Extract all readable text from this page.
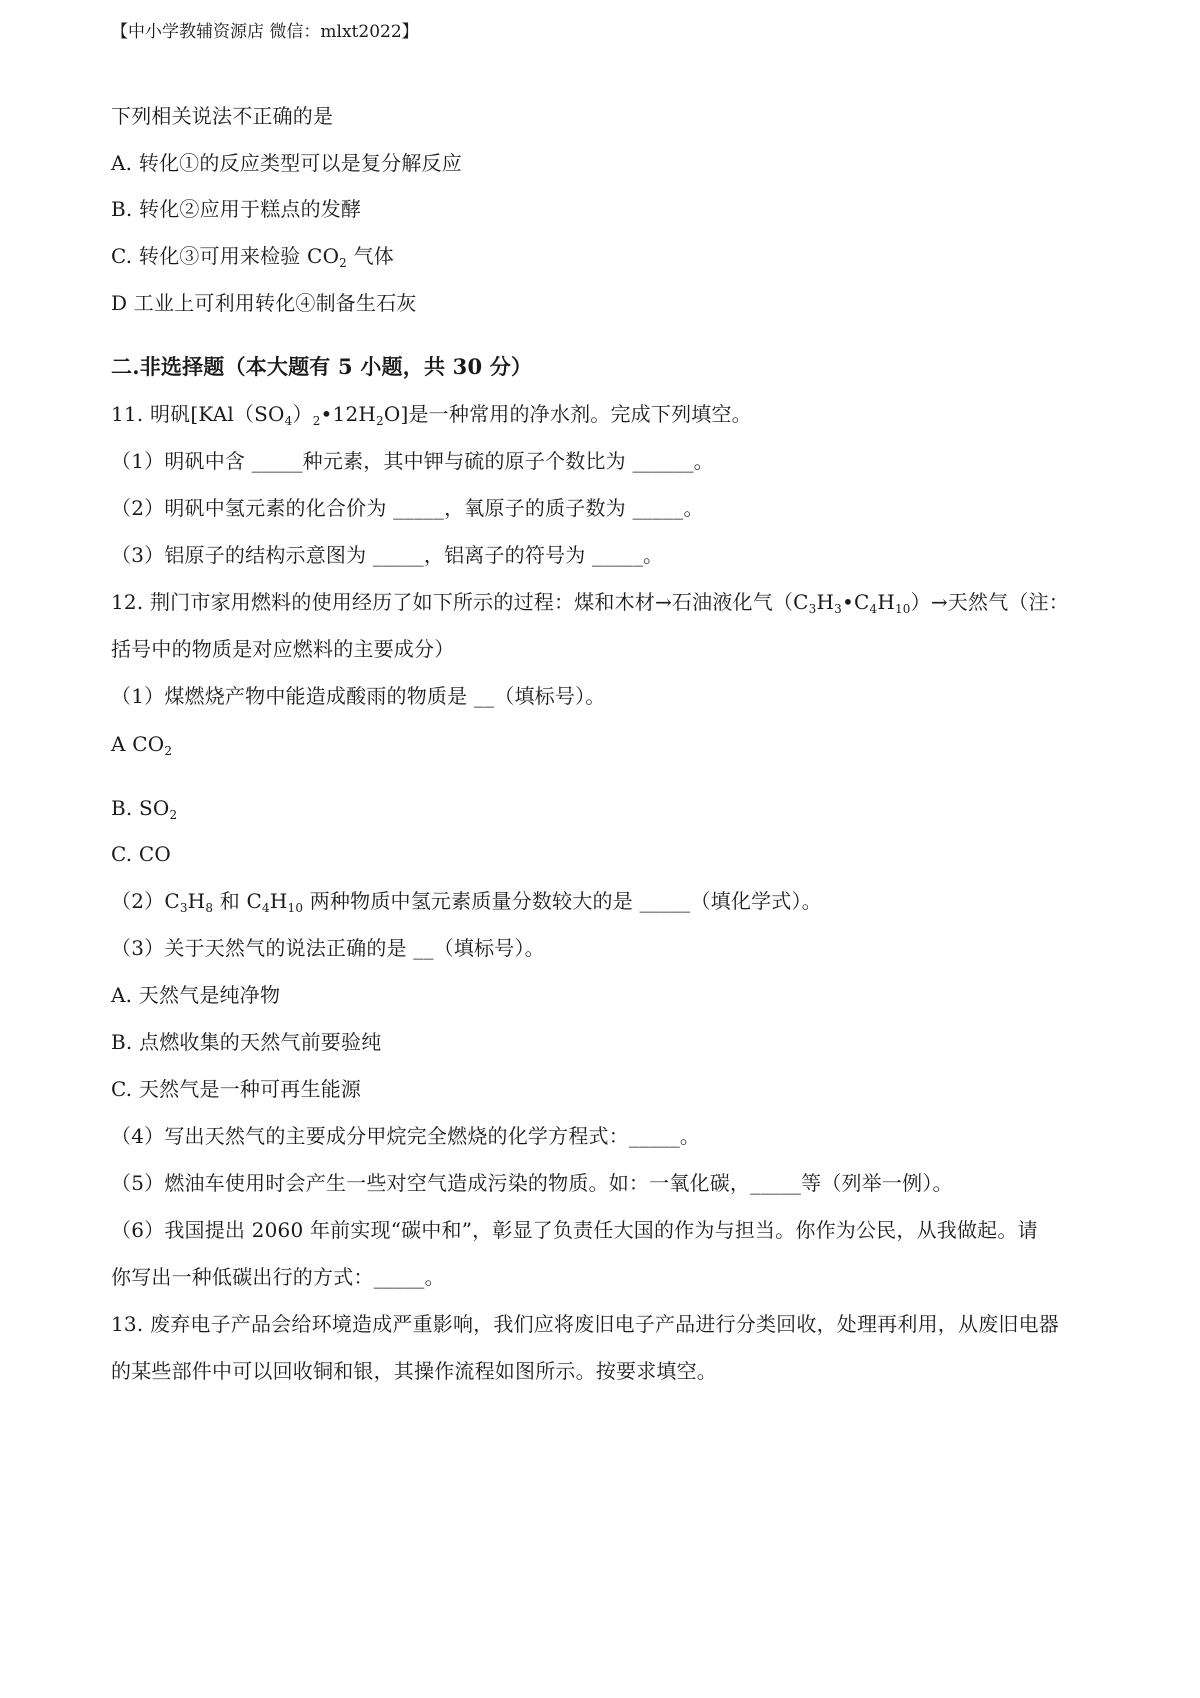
【中小学教辅资源店 微信：mlxt2022】
下列相关说法不正确的是
A. 转化①的反应类型可以是复分解反应
B. 转化②应用于糕点的发酵
C. 转化③可用来检验 $CO_2$ 气体
D 工业上可利用转化④制备生石灰
二.非选择题（本大题有 5 小题，共 30 分）
11. 明矾$[KAl(SO_4)_2•12H_2O]$是一种常用的净水剂。完成下列填空。
（1）明矾中含 _____种元素，其中钾与硫的原子个数比为 ______。
（2）明矾中氢元素的化合价为 _____，氧原子的质子数为 _____。
（3）铝原子的结构示意图为 _____，铝离子的符号为 _____。
12. 荆门市家用燃料的使用经历了如下所示的过程：煤和木材→石油液化气$(C_3H_3•C_4H_{10})\to$天然气（注：
括号中的物质是对应燃料的主要成分）
（1）煤燃烧产物中能造成酸雨的物质是 __（填标号）。
A $CO_2$
B. $SO_2$
C. CO
$(2)C_3H_8$ 和 $C_4H_{10}$ 两种物质中氢元素质量分数较大的是 _____（填化学式）。
（3）关于天然气的说法正确的是 __（填标号）。
A. 天然气是纯净物
B. 点燃收集的天然气前要验纯
C. 天然气是一种可再生能源
（4）写出天然气的主要成分甲烷完全燃烧的化学方程式：_____。
（5）燃油车使用时会产生一些对空气造成污染的物质。如：一氧化碳，_____等（列举一例）。
（6）我国提出 2060 年前实现“碳中和”，彰显了负责任大国的作为与担当。你作为公民，从我做起。请
你写出一种低碳出行的方式：_____。
13. 废弃电子产品会给环境造成严重影响，我们应将废旧电子产品进行分类回收，处理再利用，从废旧电器
的某些部件中可以回收铜和银，其操作流程如图所示。按要求填空。
